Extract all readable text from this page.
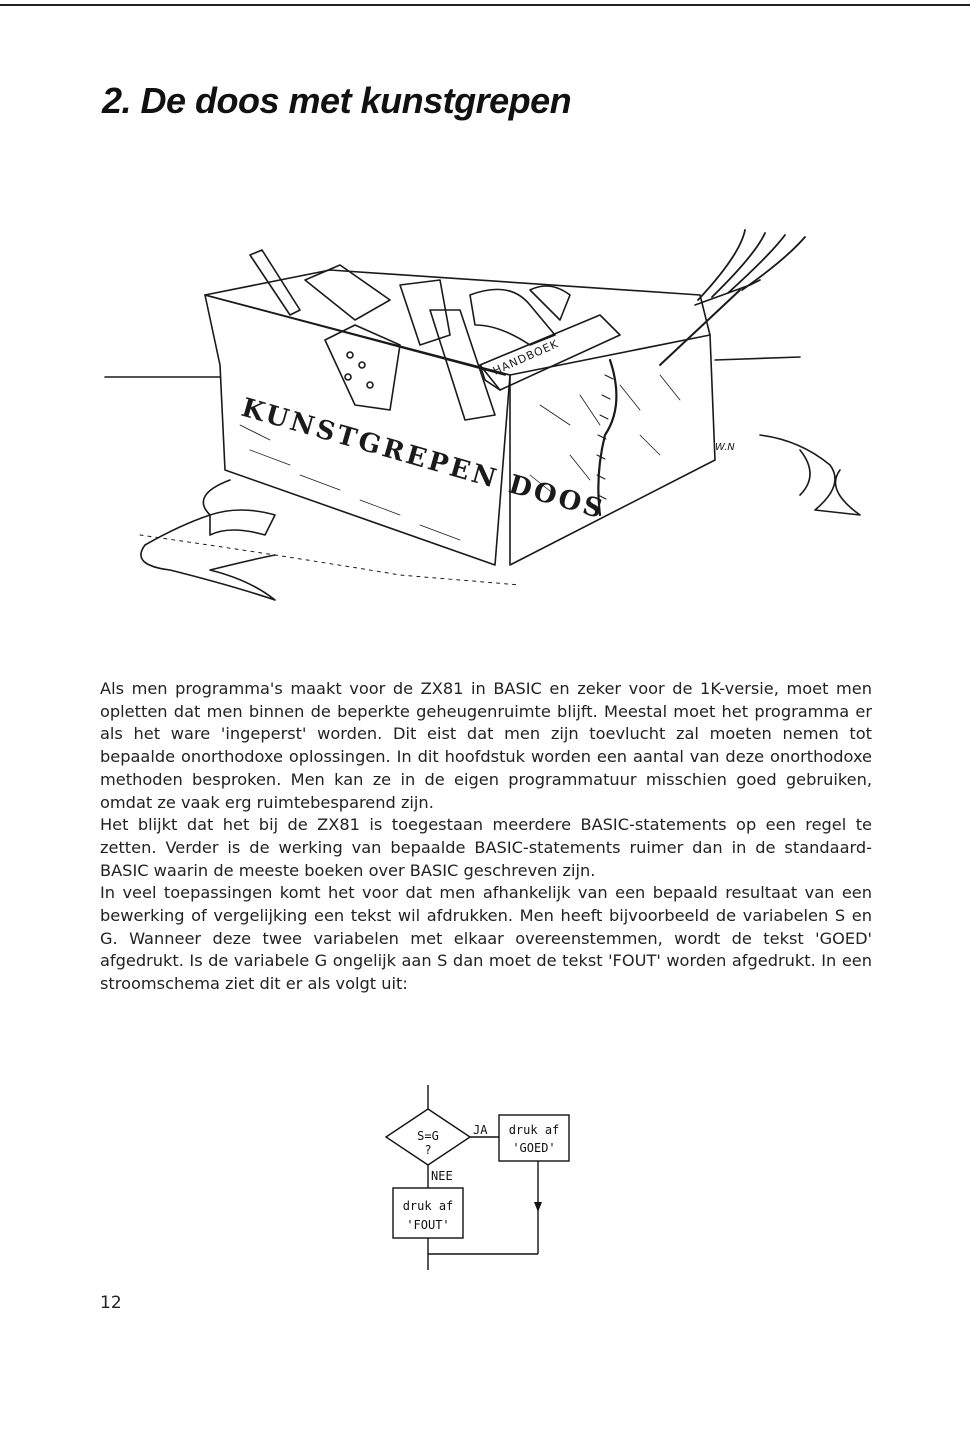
2. De doos met kunstgrepen
KUNSTGREPEN DOOS
HANDBOEK
W.N

Als men programma's maakt voor de ZX81 in BASIC en zeker voor de 1K-versie, moet men opletten dat men binnen de beperkte geheugenruimte blijft. Meestal moet het programma er als het ware 'ingeperst' worden. Dit eist dat men zijn toevlucht zal moeten nemen tot bepaalde onorthodoxe oplossingen. In dit hoofdstuk worden een aantal van deze onorthodoxe methoden besproken. Men kan ze in de eigen programmatuur misschien goed gebruiken, omdat ze vaak erg ruimtebesparend zijn.

Het blijkt dat het bij de ZX81 is toegestaan meerdere BASIC-statements op een regel te zetten. Verder is de werking van bepaalde BASIC-statements ruimer dan in de standaard-BASIC waarin de meeste boeken over BASIC geschreven zijn.

In veel toepassingen komt het voor dat men afhankelijk van een bepaald resultaat van een bewerking of vergelijking een tekst wil afdrukken. Men heeft bijvoorbeeld de variabelen S en G. Wanneer deze twee variabelen met elkaar overeenstemmen, wordt de tekst 'GOED' afgedrukt. Is de variabele G ongelijk aan S dan moet de tekst 'FOUT' worden afgedrukt. In een stroomschema ziet dit er als volgt uit:

S=G
?
JA
NEE
druk af
'GOED'
druk af
'FOUT'
12
